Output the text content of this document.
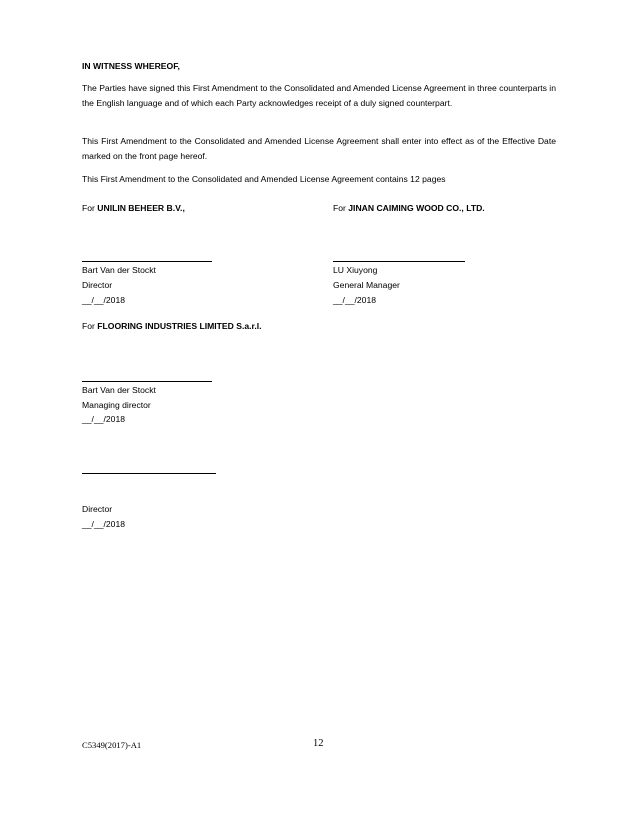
IN WITNESS WHEREOF,
The Parties have signed this First Amendment to the Consolidated and Amended License Agreement in three counterparts in the English language and of which each Party acknowledges receipt of a duly signed counterpart.
This First Amendment to the Consolidated and Amended License Agreement shall enter into effect as of the Effective Date marked on the front page hereof.
This First Amendment to the Consolidated and Amended License Agreement contains 12 pages
For UNILIN BEHEER B.V.,	For JINAN CAIMING WOOD CO., LTD.
Bart Van der Stockt
Director
__/__/2018
LU Xiuyong
General Manager
__/__/2018
For FLOORING INDUSTRIES LIMITED S.a.r.l.
Bart Van der Stockt
Managing director
__/__/2018
Director
__/__/2018
C5349(2017)-A1	12
